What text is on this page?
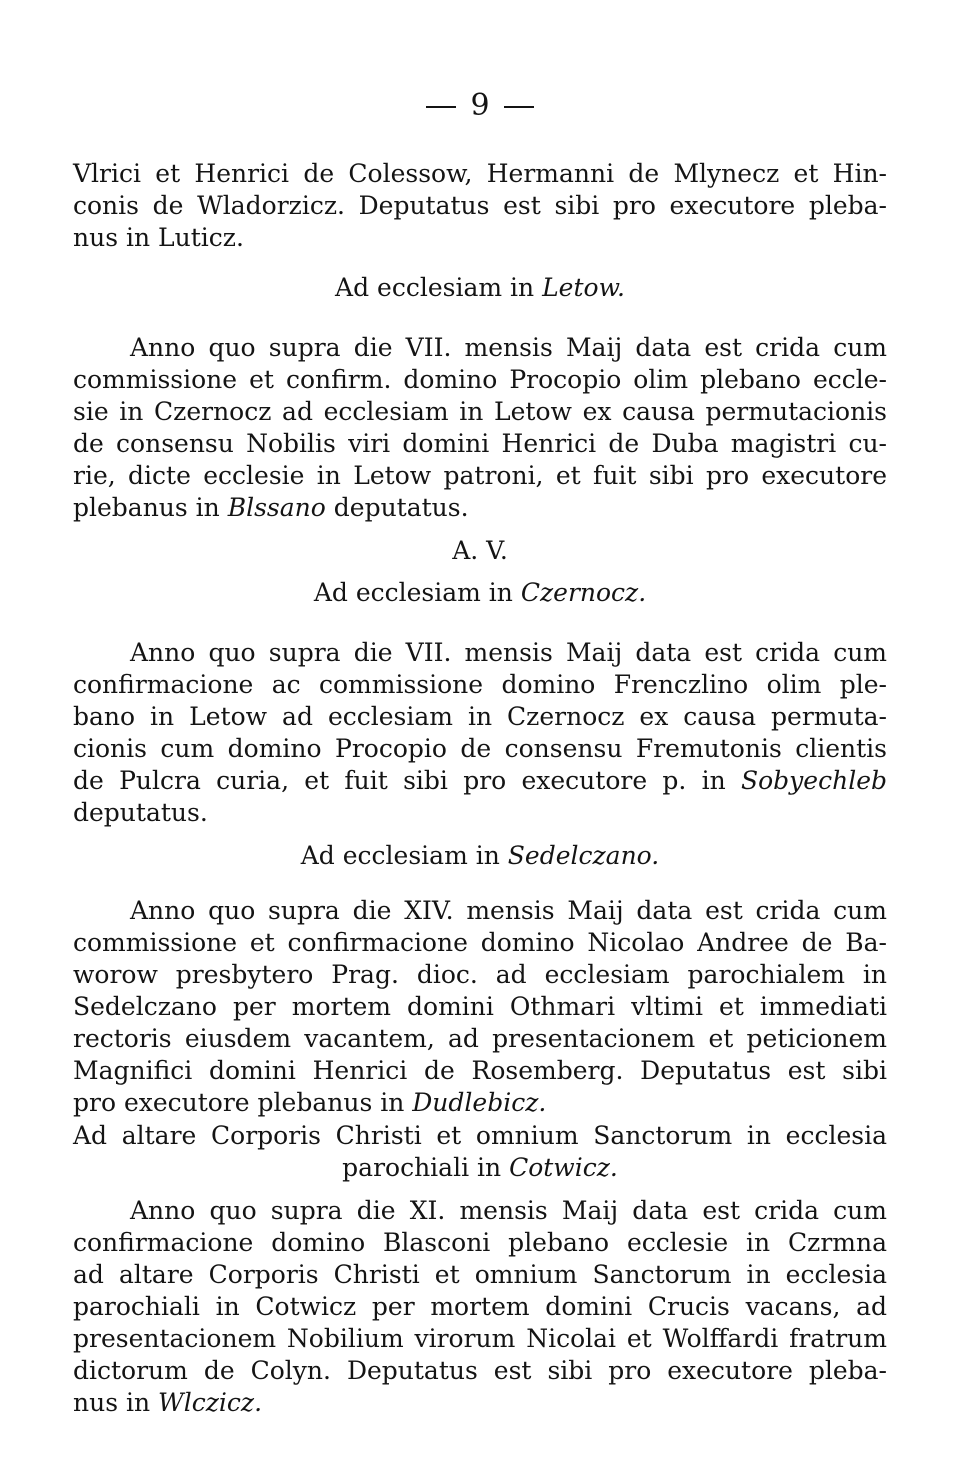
9
Vlrici et Henrici de Colessow, Hermanni de Mlynecz et Hin-
conis de Wladorzicz. Deputatus est sibi pro executore pleba-
nus in Luticz.
Ad ecclesiam in Letow.
Anno quo supra die VII. mensis Maij data est crida cum
commissione et confirm. domino Procopio olim plebano eccle-
sie in Czernocz ad ecclesiam in Letow ex causa permutacionis
de consensu Nobilis viri domini Henrici de Duba magistri cu-
rie, dicte ecclesie in Letow patroni, et fuit sibi pro executore
plebanus in Blssano deputatus.
A. V.
Ad ecclesiam in Czernocz.
Anno quo supra die VII. mensis Maij data est crida cum
confirmacione ac commissione domino Frenczlino olim ple-
bano in Letow ad ecclesiam in Czernocz ex causa permuta-
cionis cum domino Procopio de consensu Fremutonis clientis
de Pulcra curia, et fuit sibi pro executore p. in Sobyechleb
deputatus.
Ad ecclesiam in Sedelczano.
Anno quo supra die XIV. mensis Maij data est crida cum
commissione et confirmacione domino Nicolao Andree de Ba-
worow presbytero Prag. dioc. ad ecclesiam parochialem in
Sedelczano per mortem domini Othmari vltimi et immediati
rectoris eiusdem vacantem, ad presentacionem et peticionem
Magnifici domini Henrici de Rosemberg. Deputatus est sibi
pro executore plebanus in Dudlebicz.
Ad altare Corporis Christi et omnium Sanctorum in ecclesia
parochiali in Cotwicz.
Anno quo supra die XI. mensis Maij data est crida cum
confirmacione domino Blasconi plebano ecclesie in Czrmna
ad altare Corporis Christi et omnium Sanctorum in ecclesia
parochiali in Cotwicz per mortem domini Crucis vacans, ad
presentacionem Nobilium virorum Nicolai et Wolffardi fratrum
dictorum de Colyn. Deputatus est sibi pro executore pleba-
nus in Wlczicz.
